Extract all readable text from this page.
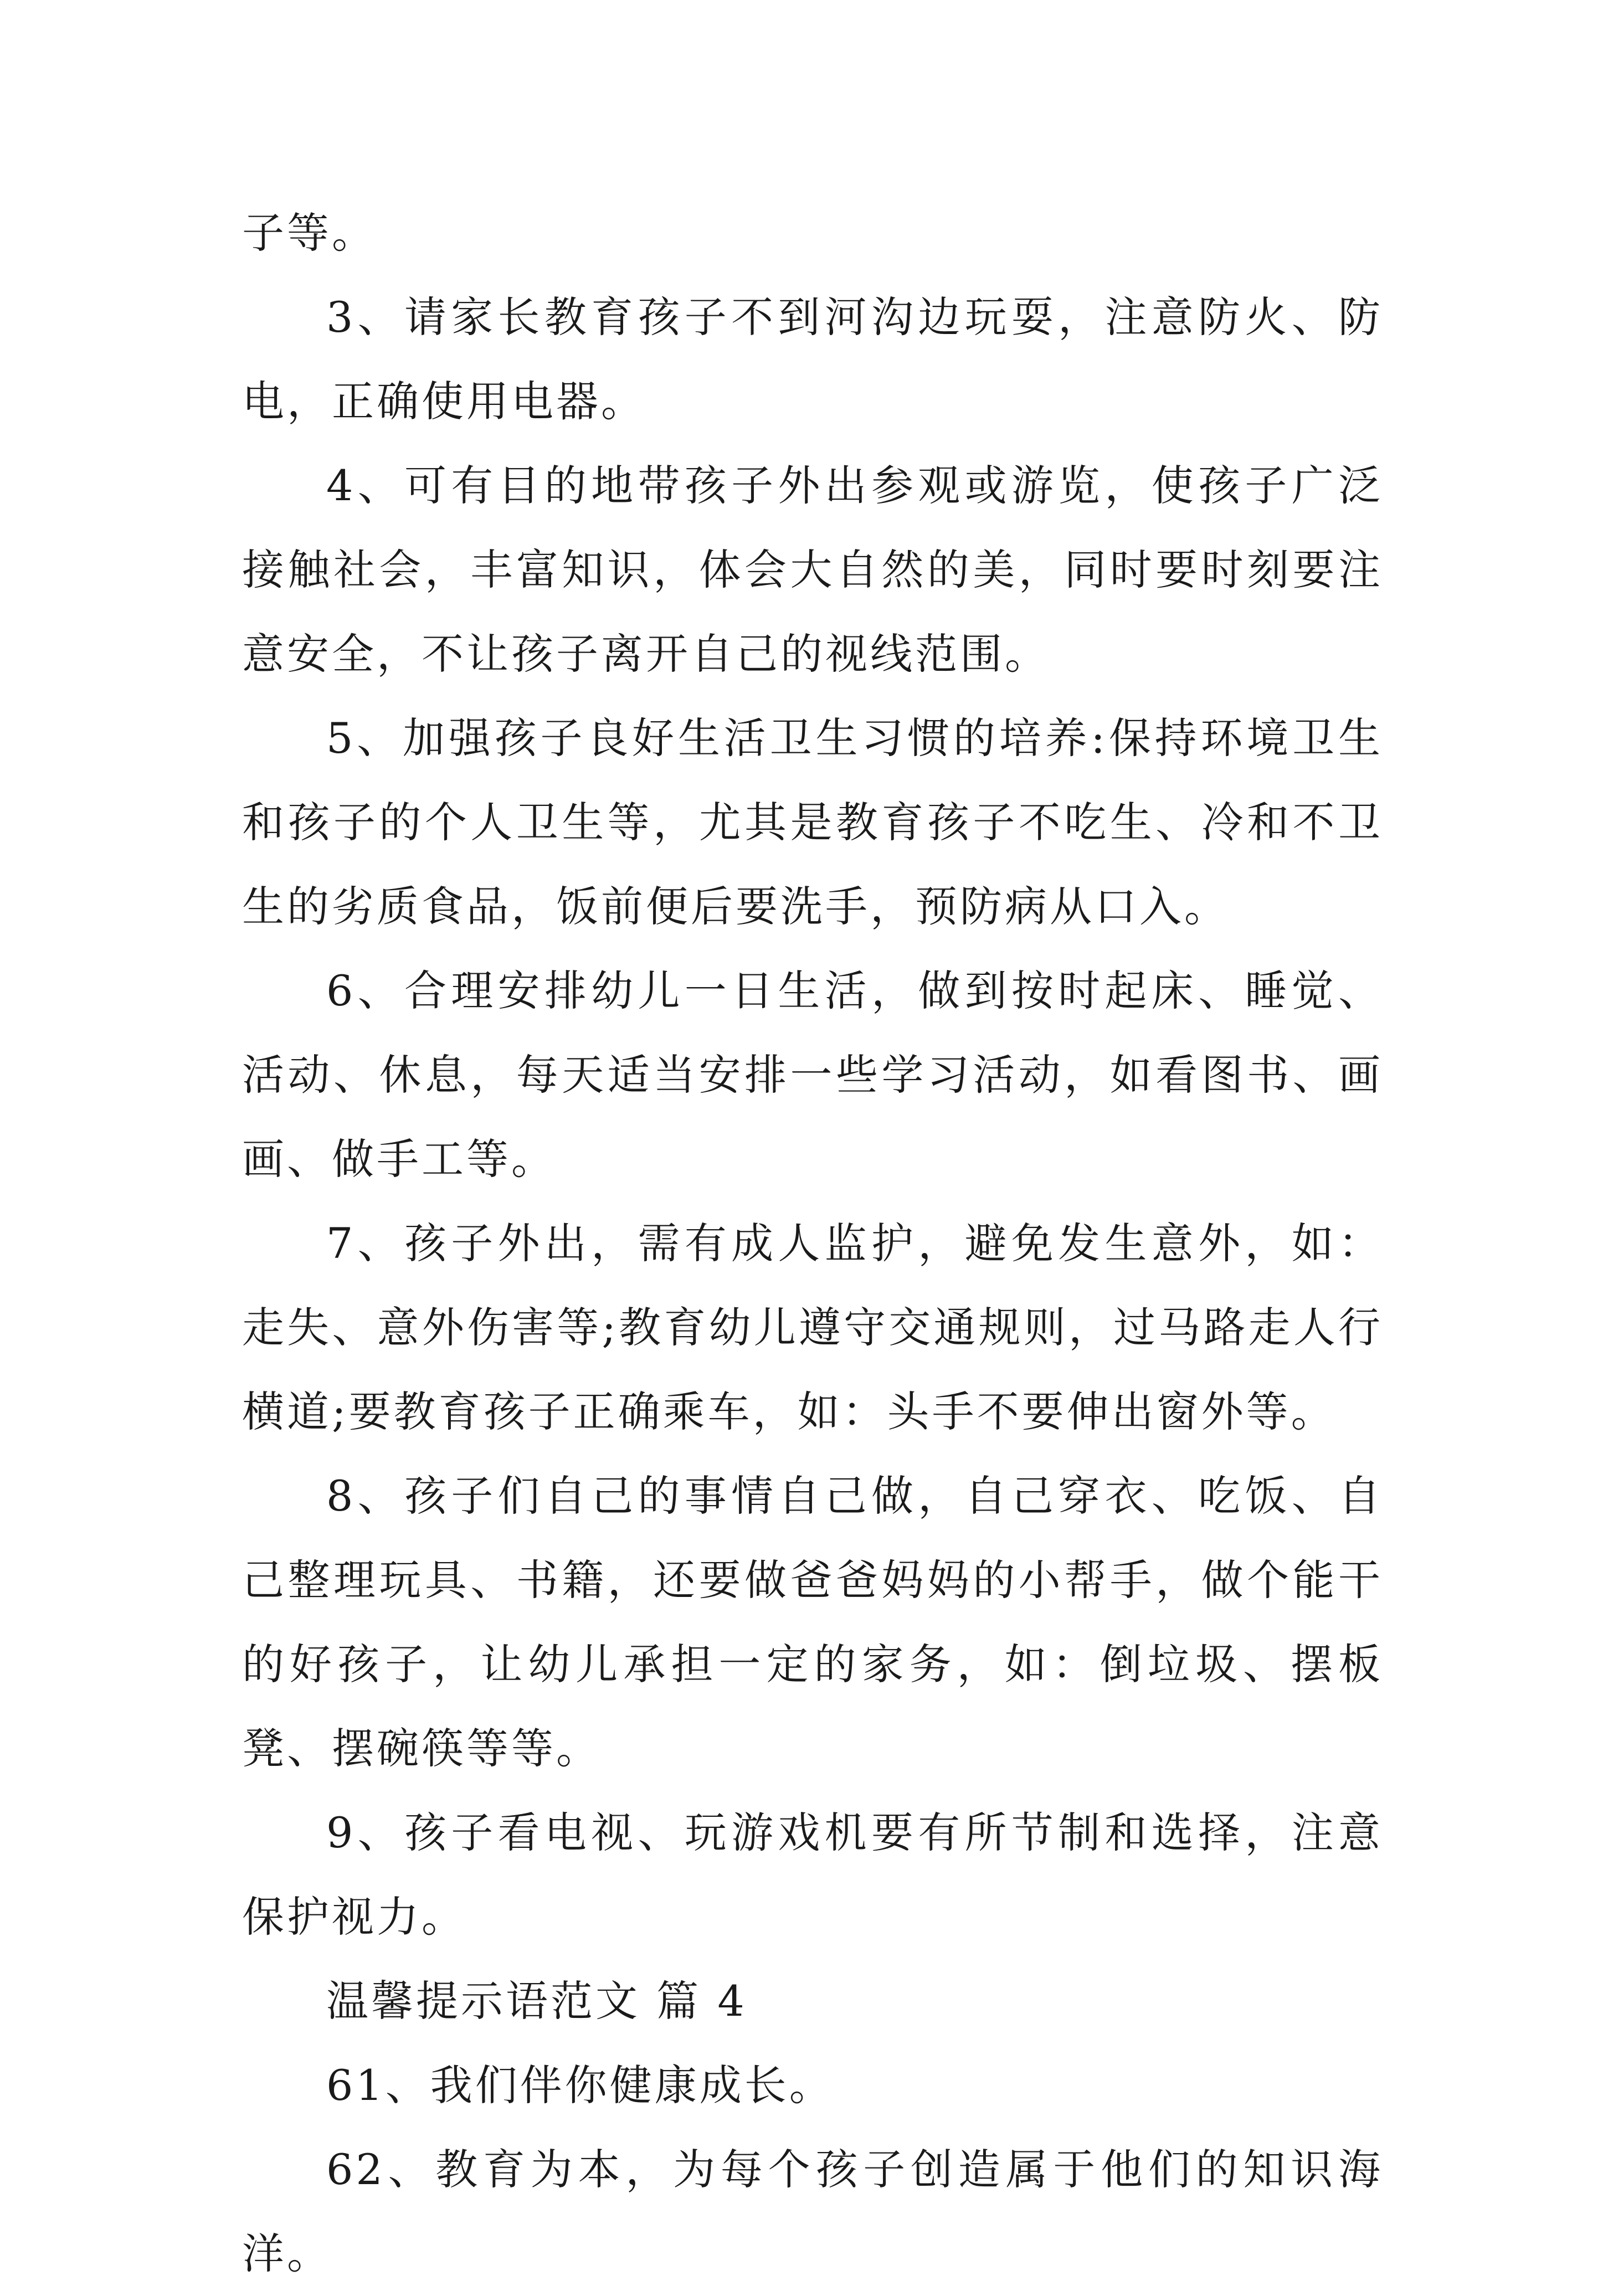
子等。

3、请家长教育孩子不到河沟边玩耍，注意防火、防电，正确使用电器。

4、可有目的地带孩子外出参观或游览，使孩子广泛接触社会，丰富知识，体会大自然的美，同时要时刻要注意安全，不让孩子离开自己的视线范围。

5、加强孩子良好生活卫生习惯的培养:保持环境卫生和孩子的个人卫生等，尤其是教育孩子不吃生、冷和不卫生的劣质食品，饭前便后要洗手，预防病从口入。

6、合理安排幼儿一日生活，做到按时起床、睡觉、活动、休息，每天适当安排一些学习活动，如看图书、画画、做手工等。

7、孩子外出，需有成人监护，避免发生意外，如：走失、意外伤害等;教育幼儿遵守交通规则，过马路走人行横道;要教育孩子正确乘车，如：头手不要伸出窗外等。

8、孩子们自己的事情自己做，自己穿衣、吃饭、自己整理玩具、书籍，还要做爸爸妈妈的小帮手，做个能干的好孩子，让幼儿承担一定的家务，如：倒垃圾、摆板凳、摆碗筷等等。

9、孩子看电视、玩游戏机要有所节制和选择，注意保护视力。

温馨提示语范文 篇 4

61、我们伴你健康成长。

62、教育为本，为每个孩子创造属于他们的知识海洋。
